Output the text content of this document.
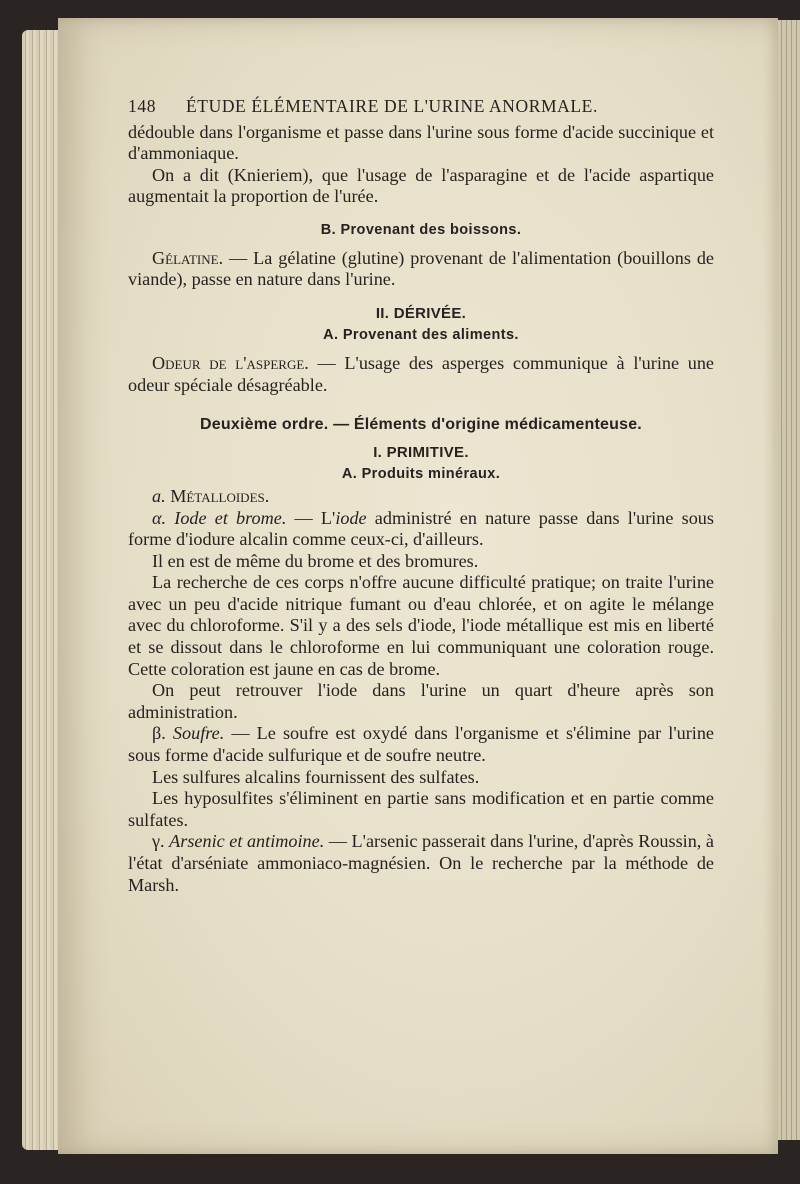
148	ÉTUDE ÉLÉMENTAIRE DE L'URINE ANORMALE.

dédouble dans l'organisme et passe dans l'urine sous forme d'acide succinique et d'ammoniaque.

On a dit (Knieriem), que l'usage de l'asparagine et de l'acide aspartique augmentait la proportion de l'urée.

B. Provenant des boissons.

Gélatine. — La gélatine (glutine) provenant de l'alimentation (bouillons de viande), passe en nature dans l'urine.

II. DÉRIVÉE.

A. Provenant des aliments.

Odeur de l'asperge. — L'usage des asperges communique à l'urine une odeur spéciale désagréable.

Deuxième ordre. — Éléments d'origine médicamenteuse.

I. PRIMITIVE.

A. Produits minéraux.

a. Métalloides.

α. Iode et brome. — L'iode administré en nature passe dans l'urine sous forme d'iodure alcalin comme ceux-ci, d'ailleurs.

Il en est de même du brome et des bromures.

La recherche de ces corps n'offre aucune difficulté pratique; on traite l'urine avec un peu d'acide nitrique fumant ou d'eau chlorée, et on agite le mélange avec du chloroforme. S'il y a des sels d'iode, l'iode métallique est mis en liberté et se dissout dans le chloroforme en lui communiquant une coloration rouge. Cette coloration est jaune en cas de brome.

On peut retrouver l'iode dans l'urine un quart d'heure après son administration.

β. Soufre. — Le soufre est oxydé dans l'organisme et s'élimine par l'urine sous forme d'acide sulfurique et de soufre neutre.

Les sulfures alcalins fournissent des sulfates.

Les hyposulfites s'éliminent en partie sans modification et en partie comme sulfates.

γ. Arsenic et antimoine. — L'arsenic passerait dans l'urine, d'après Roussin, à l'état d'arséniate ammoniaco-magnésien. On le recherche par la méthode de Marsh.
